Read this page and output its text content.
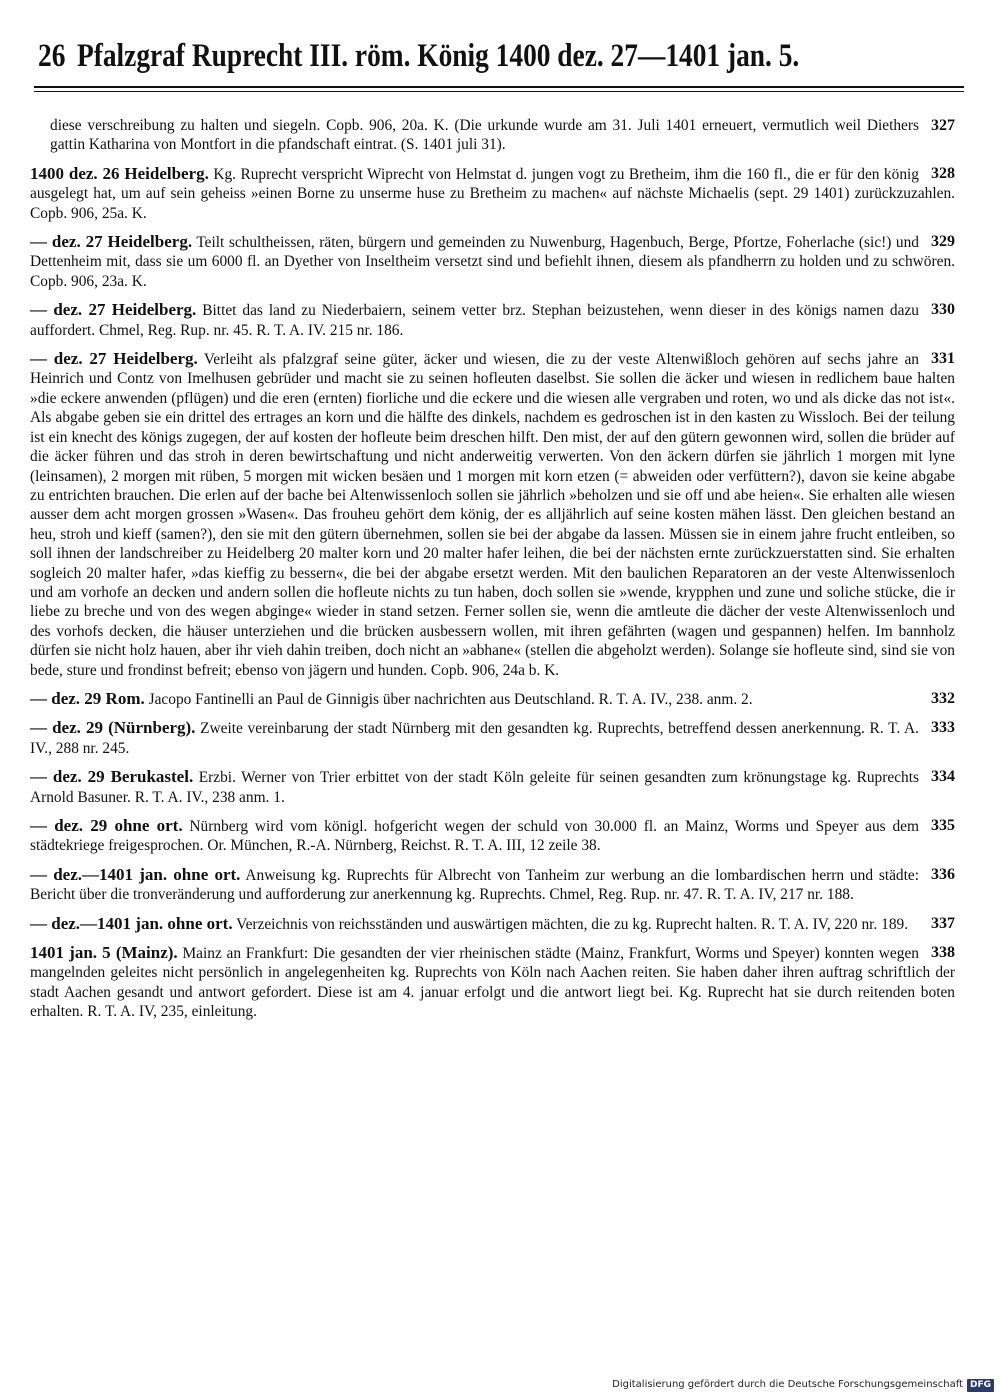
26 Pfalzgraf Ruprecht III. röm. König 1400 dez. 27—1401 jan. 5.
327
diese verschreibung zu halten und siegeln. Copb. 906, 20a. K. (Die urkunde wurde am 31. Juli 1401 erneuert, vermutlich weil Diethers gattin Katharina von Montfort in die pfandschaft eintrat. (S. 1401 juli 31).
328
1400 dez. 26 Heidelberg. Kg. Ruprecht verspricht Wiprecht von Helmstat d. jungen vogt zu Bretheim, ihm die 160 fl., die er für den könig ausgelegt hat, um auf sein geheiss »einen Borne zu unserme huse zu Bretheim zu machen« auf nächste Michaelis (sept. 29 1401) zurückzuzahlen. Copb. 906, 25a. K.
329
— dez. 27 Heidelberg. Teilt schultheissen, räten, bürgern und gemeinden zu Nuwenburg, Hagenbuch, Berge, Pfortze, Foherlache (sic!) und Dettenheim mit, dass sie um 6000 fl. an Dyether von Inseltheim versetzt sind und befiehlt ihnen, diesem als pfandherrn zu holden und zu schwören. Copb. 906, 23a. K.
330
— dez. 27 Heidelberg. Bittet das land zu Niederbaiern, seinem vetter brz. Stephan beizustehen, wenn dieser in des königs namen dazu auffordert. Chmel, Reg. Rup. nr. 45. R. T. A. IV. 215 nr. 186.
331
— dez. 27 Heidelberg. Verleiht als pfalzgraf seine güter, äcker und wiesen, die zu der veste Altenwißloch gehören auf sechs jahre an Heinrich und Contz von Imelhusen gebrüder und macht sie zu seinen hofleuten daselbst. Sie sollen die äcker und wiesen in redlichem baue halten »die eckere anwenden (pflügen) und die eren (ernten) fiorliche und die eckere und die wiesen alle vergraben und roten, wo und als dicke das not ist«. Als abgabe geben sie ein drittel des ertrages an korn und die hälfte des dinkels, nachdem es gedroschen ist in den kasten zu Wissloch. Bei der teilung ist ein knecht des königs zugegen, der auf kosten der hofleute beim dreschen hilft. Den mist, der auf den gütern gewonnen wird, sollen die brüder auf die äcker führen und das stroh in deren bewirtschaftung und nicht anderweitig verwerten. Von den äckern dürfen sie jährlich 1 morgen mit lyne (leinsamen), 2 morgen mit rüben, 5 morgen mit wicken besäen und 1 morgen mit korn etzen (= abweiden oder verfüttern?), davon sie keine abgabe zu entrichten brauchen. Die erlen auf der bache bei Altenwissenloch sollen sie jährlich »beholzen und sie off und abe heien«. Sie erhalten alle wiesen ausser dem acht morgen grossen »Wasen«. Das frouheu gehört dem könig, der es alljährlich auf seine kosten mähen lässt. Den gleichen bestand an heu, stroh und kieff (samen?), den sie mit den gütern übernehmen, sollen sie bei der abgabe da lassen. Müssen sie in einem jahre frucht entleiben, so soll ihnen der landschreiber zu Heidelberg 20 malter korn und 20 malter hafer leihen, die bei der nächsten ernte zurückzuerstatten sind. Sie erhalten sogleich 20 malter hafer, »das kieffig zu bessern«, die bei der abgabe ersetzt werden. Mit den baulichen Reparatoren an der veste Altenwissenloch und am vorhofe an decken und andern sollen die hofleute nichts zu tun haben, doch sollen sie »wende, krypphen und zune und soliche stücke, die ir liebe zu breche und von des wegen abginge« wieder in stand setzen. Ferner sollen sie, wenn die amtleute die dächer der veste Altenwissenloch und des vorhofs decken, die häuser unterziehen und die brücken ausbessern wollen, mit ihren gefährten (wagen und gespannen) helfen. Im bannholz dürfen sie nicht holz hauen, aber ihr vieh dahin treiben, doch nicht an »abhane« (stellen die abgeholzt werden). Solange sie hofleute sind, sind sie von bede, sture und frondinst befreit; ebenso von jägern und hunden. Copb. 906, 24a b. K.
332
— dez. 29 Rom. Jacopo Fantinelli an Paul de Ginnigis über nachrichten aus Deutschland. R. T. A. IV., 238. anm. 2.
333
— dez. 29 (Nürnberg). Zweite vereinbarung der stadt Nürnberg mit den gesandten kg. Ruprechts, betreffend dessen anerkennung. R. T. A. IV., 288 nr. 245.
334
— dez. 29 Berukastel. Erzbi. Werner von Trier erbittet von der stadt Köln geleite für seinen gesandten zum krönungstage kg. Ruprechts Arnold Basuner. R. T. A. IV., 238 anm. 1.
335
— dez. 29 ohne ort. Nürnberg wird vom königl. hofgericht wegen der schuld von 30.000 fl. an Mainz, Worms und Speyer aus dem städtekriege freigesprochen. Or. München, R.-A. Nürnberg, Reichst. R. T. A. III, 12 zeile 38.
336
— dez.—1401 jan. ohne ort. Anweisung kg. Ruprechts für Albrecht von Tanheim zur werbung an die lombardischen herrn und städte: Bericht über die tronveränderung und aufforderung zur anerkennung kg. Ruprechts. Chmel, Reg. Rup. nr. 47. R. T. A. IV, 217 nr. 188.
337
— dez.—1401 jan. ohne ort. Verzeichnis von reichsständen und auswärtigen mächten, die zu kg. Ruprecht halten. R. T. A. IV, 220 nr. 189.
338
1401 jan. 5 (Mainz). Mainz an Frankfurt: Die gesandten der vier rheinischen städte (Mainz, Frankfurt, Worms und Speyer) konnten wegen mangelnden geleites nicht persönlich in angelegenheiten kg. Ruprechts von Köln nach Aachen reiten. Sie haben daher ihren auftrag schriftlich der stadt Aachen gesandt und antwort gefordert. Diese ist am 4. januar erfolgt und die antwort liegt bei. Kg. Ruprecht hat sie durch reitenden boten erhalten. R. T. A. IV, 235, einleitung.
Digitalisierung gefördert durch die Deutsche Forschungsgemeinschaft DFG
